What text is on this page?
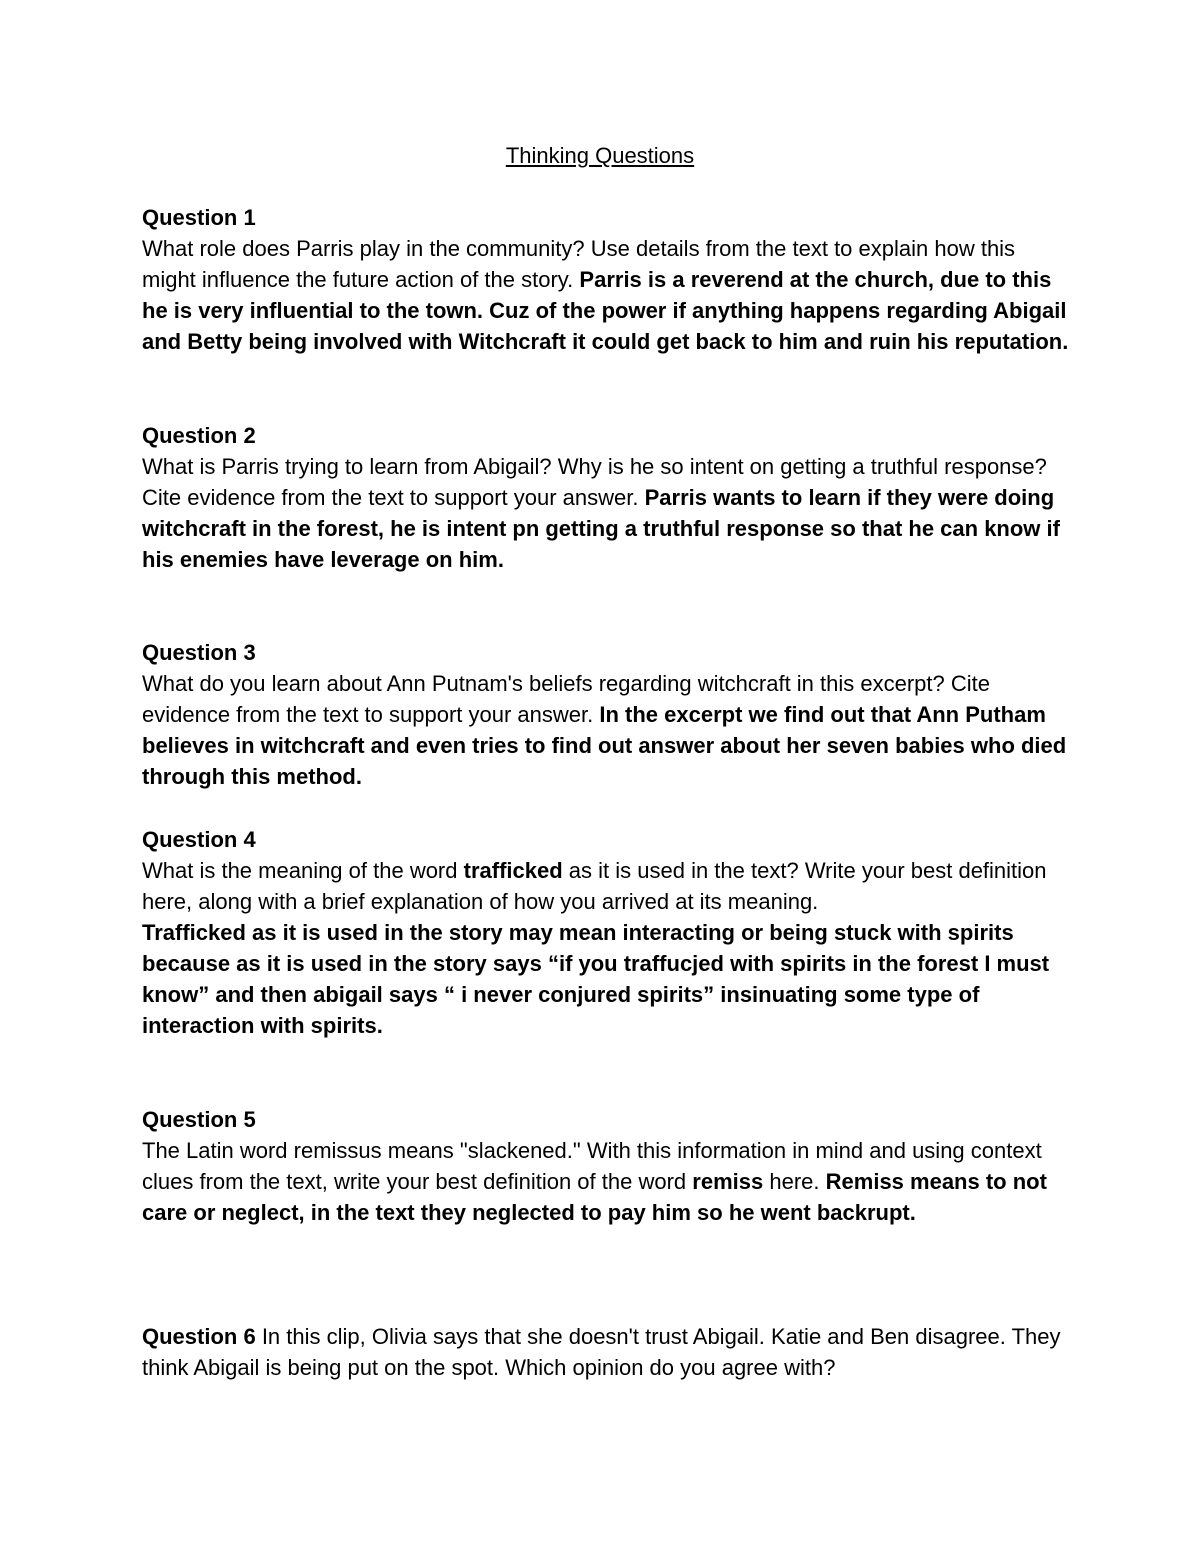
Thinking Questions
Question 1
What role does Parris play in the community? Use details from the text to explain how this might influence the future action of the story. Parris is a reverend at the church, due to this he is very influential to the town. Cuz of the power if anything happens regarding Abigail and Betty being involved with Witchcraft it could get back to him and ruin his reputation.
Question 2
What is Parris trying to learn from Abigail? Why is he so intent on getting a truthful response? Cite evidence from the text to support your answer. Parris wants to learn if they were doing witchcraft in the forest, he is intent pn getting a truthful response so that he can know if his enemies have leverage on him.
Question 3
What do you learn about Ann Putnam's beliefs regarding witchcraft in this excerpt? Cite evidence from the text to support your answer. In the excerpt we find out that Ann Putham believes in witchcraft and even tries to find out answer about her seven babies who died through this method.
Question 4
What is the meaning of the word trafficked as it is used in the text? Write your best definition here, along with a brief explanation of how you arrived at its meaning.
Trafficked as it is used in the story may mean interacting or being stuck with spirits because as it is used in the story says “if you traffucjed with spirits in the forest I must know” and then abigail says “ i never conjured spirits” insinuating some type of interaction with spirits.
Question 5
The Latin word remissus means "slackened." With this information in mind and using context clues from the text, write your best definition of the word remiss here. Remiss means to not care or neglect, in the text they neglected to pay him so he went backrupt.
Question 6 In this clip, Olivia says that she doesn't trust Abigail. Katie and Ben disagree. They think Abigail is being put on the spot. Which opinion do you agree with?
